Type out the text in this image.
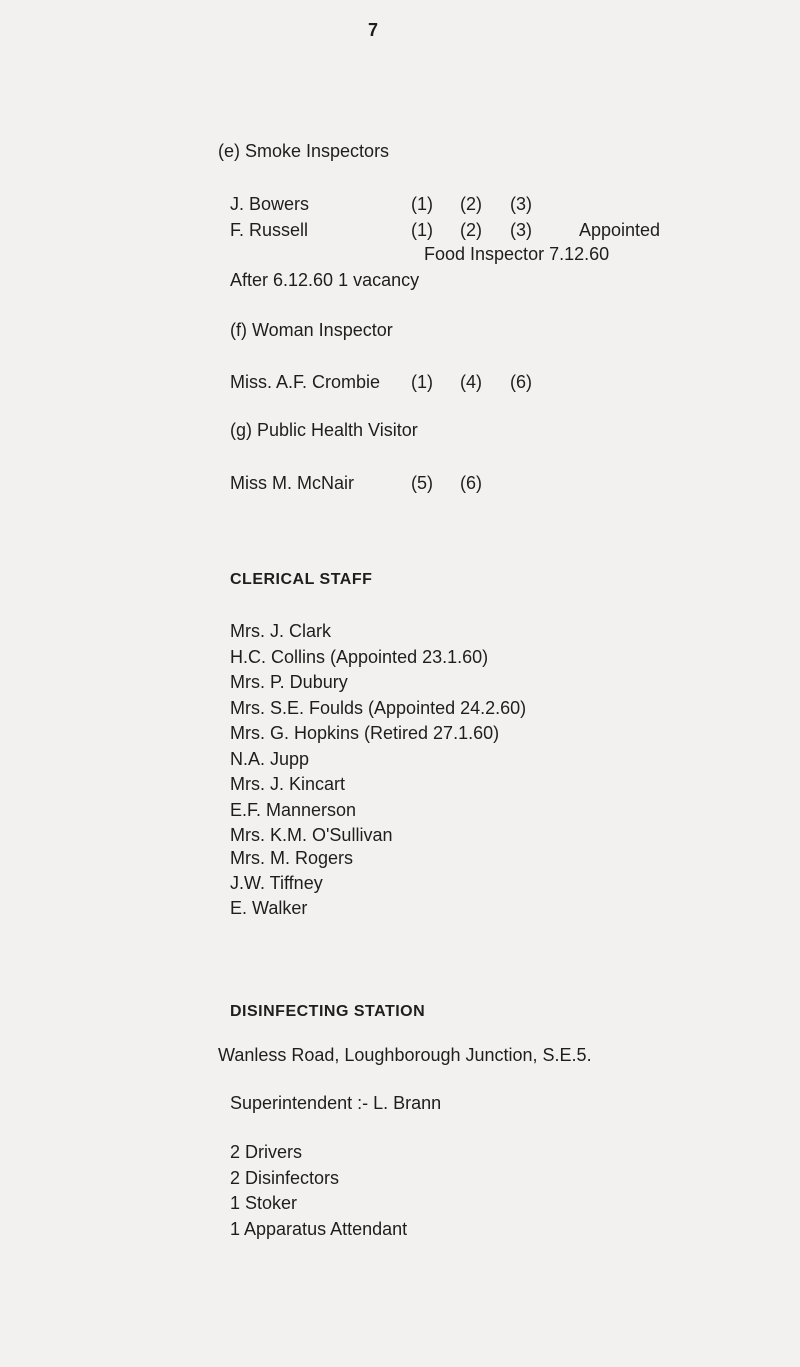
7
(e) Smoke Inspectors
J. Bowers	(1) (2) (3)
F. Russell	(1) (2) (3)	Appointed
Food Inspector 7.12.60
After 6.12.60 1 vacancy
(f) Woman Inspector
Miss. A.F. Crombie (1) (4) (6)
(g) Public Health Visitor
Miss M. McNair	(5) (6)
CLERICAL STAFF
Mrs. J. Clark
H.C. Collins (Appointed 23.1.60)
Mrs. P. Dubury
Mrs. S.E. Foulds (Appointed 24.2.60)
Mrs. G. Hopkins (Retired 27.1.60)
N.A. Jupp
Mrs. J. Kincart
E.F. Mannerson
Mrs. K.M. O'Sullivan
Mrs. M. Rogers
J.W. Tiffney
E. Walker
DISINFECTING STATION
Wanless Road, Loughborough Junction, S.E.5.
Superintendent :- L. Brann
2 Drivers
2 Disinfectors
1 Stoker
1 Apparatus Attendant
